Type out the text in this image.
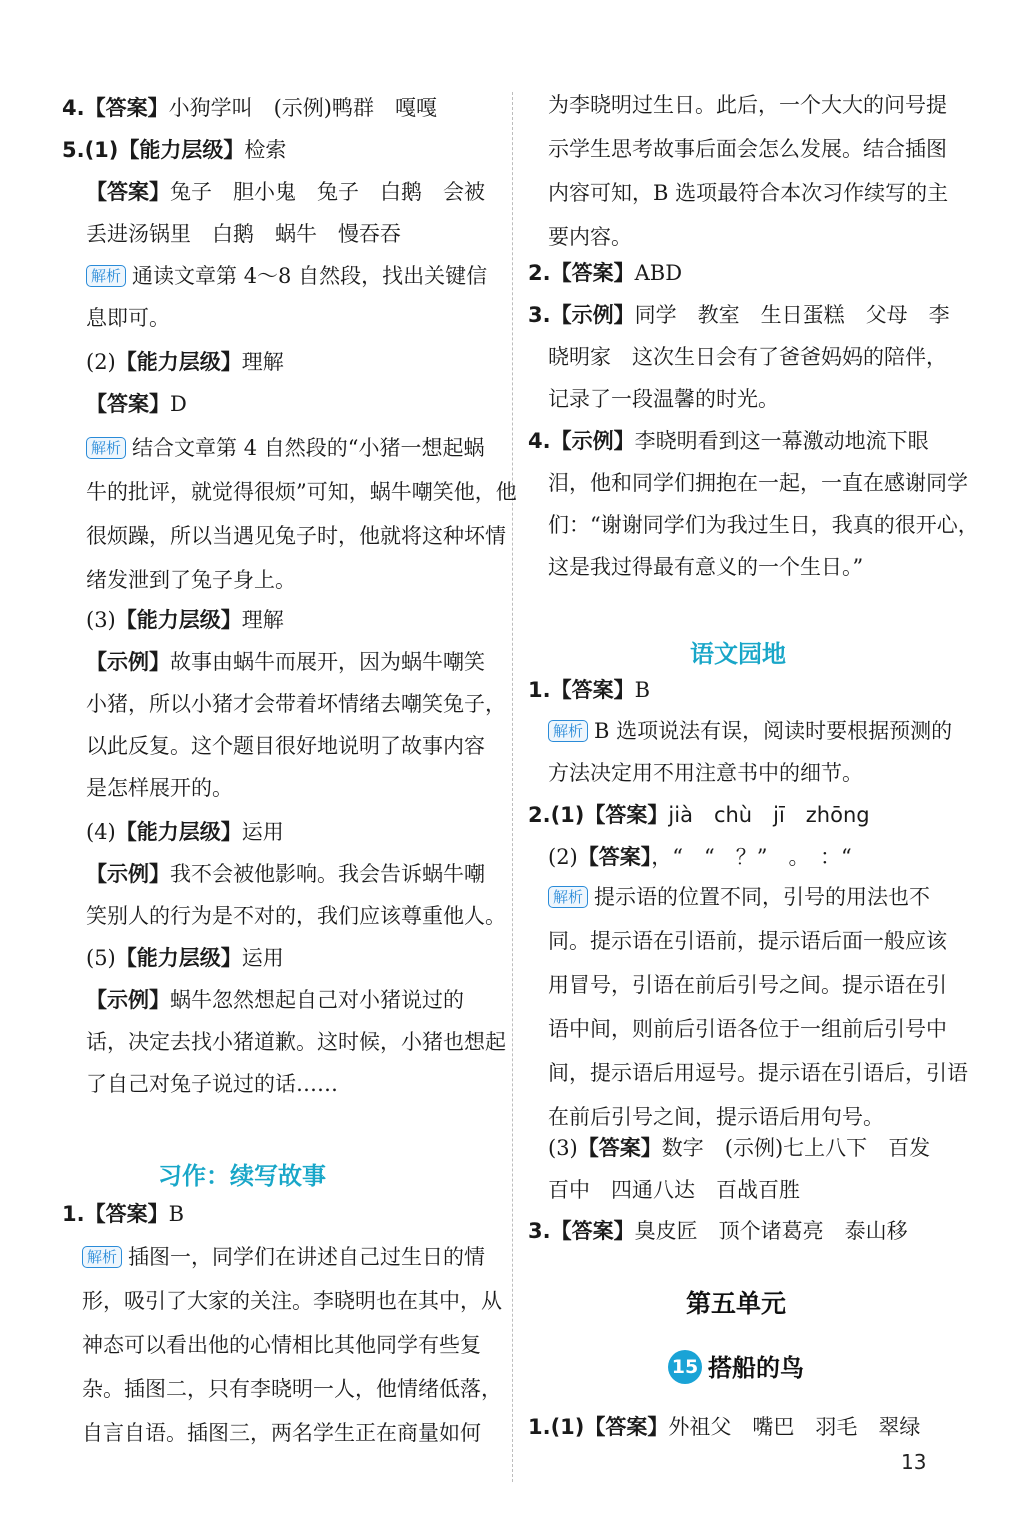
4.【答案】小狗学叫　(示例)鸭群　嘎嘎
5.(1)【能力层级】检索
【答案】兔子　胆小鬼　兔子　白鹅　会被
丢进汤锅里　白鹅　蜗牛　慢吞吞
解析 通读文章第 4～8 自然段，找出关键信
息即可。
(2)【能力层级】理解
【答案】D
解析 结合文章第 4 自然段的“小猪一想起蜗
牛的批评，就觉得很烦”可知，蜗牛嘲笑他，他
很烦躁，所以当遇见兔子时，他就将这种坏情
绪发泄到了兔子身上。
(3)【能力层级】理解
【示例】故事由蜗牛而展开，因为蜗牛嘲笑
小猪，所以小猪才会带着坏情绪去嘲笑兔子，
以此反复。这个题目很好地说明了故事内容
是怎样展开的。
(4)【能力层级】运用
【示例】我不会被他影响。我会告诉蜗牛嘲
笑别人的行为是不对的，我们应该尊重他人。
(5)【能力层级】运用
【示例】蜗牛忽然想起自己对小猪说过的
话，决定去找小猪道歉。这时候，小猪也想起
了自己对兔子说过的话……
习作：续写故事
1.【答案】B
解析 插图一，同学们在讲述自己过生日的情
形，吸引了大家的关注。李晓明也在其中，从
神态可以看出他的心情相比其他同学有些复
杂。插图二，只有李晓明一人，他情绪低落，
自言自语。插图三，两名学生正在商量如何
为李晓明过生日。此后，一个大大的问号提
示学生思考故事后面会怎么发展。结合插图
内容可知，B 选项最符合本次习作续写的主
要内容。
2.【答案】ABD
3.【示例】同学　教室　生日蛋糕　父母　李
晓明家　这次生日会有了爸爸妈妈的陪伴，
记录了一段温馨的时光。
4.【示例】李晓明看到这一幕激动地流下眼
泪，他和同学们拥抱在一起，一直在感谢同学
们：“谢谢同学们为我过生日，我真的很开心，
这是我过得最有意义的一个生日。”
语文园地
1.【答案】B
解析 B 选项说法有误，阅读时要根据预测的
方法决定用不用注意书中的细节。
2.(1)【答案】jià　chù　jī　zhōng
(2)【答案】，“　“　？”　。　：“
解析 提示语的位置不同，引号的用法也不
同。提示语在引语前，提示语后面一般应该
用冒号，引语在前后引号之间。提示语在引
语中间，则前后引语各位于一组前后引号中
间，提示语后用逗号。提示语在引语后，引语
在前后引号之间，提示语后用句号。
(3)【答案】数字　(示例)七上八下　百发
百中　四通八达　百战百胜
3.【答案】臭皮匠　顶个诸葛亮　泰山移
第五单元
15 搭船的鸟
1.(1)【答案】外祖父　嘴巴　羽毛　翠绿
13
